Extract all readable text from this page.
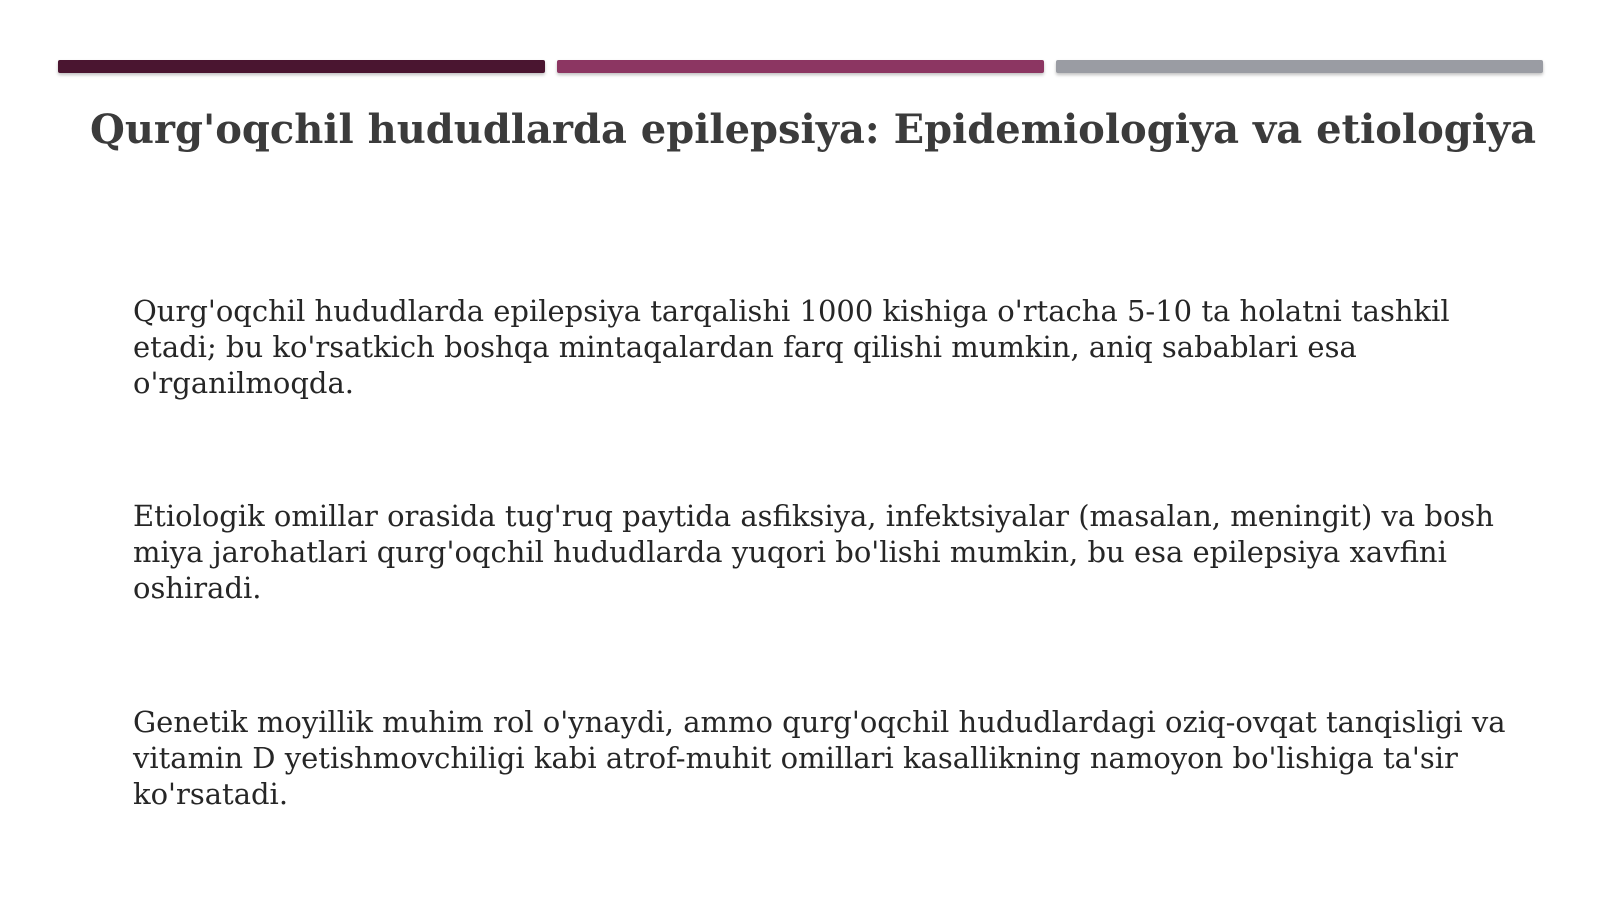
Qurg'oqchil hududlarda epilepsiya: Epidemiologiya va etiologiya
Qurg'oqchil hududlarda epilepsiya tarqalishi 1000 kishiga o'rtacha 5-10 ta holatni tashkil etadi; bu ko'rsatkich boshqa mintaqalardan farq qilishi mumkin, aniq sabablari esa o'rganilmoqda.
Etiologik omillar orasida tug'ruq paytida asfiksiya, infektsiyalar (masalan, meningit) va bosh miya jarohatlari qurg'oqchil hududlarda yuqori bo'lishi mumkin, bu esa epilepsiya xavfini oshiradi.
Genetik moyillik muhim rol o'ynaydi, ammo qurg'oqchil hududlardagi oziq-ovqat tanqisligi va vitamin D yetishmovchiligi kabi atrof-muhit omillari kasallikning namoyon bo'lishiga ta'sir ko'rsatadi.
